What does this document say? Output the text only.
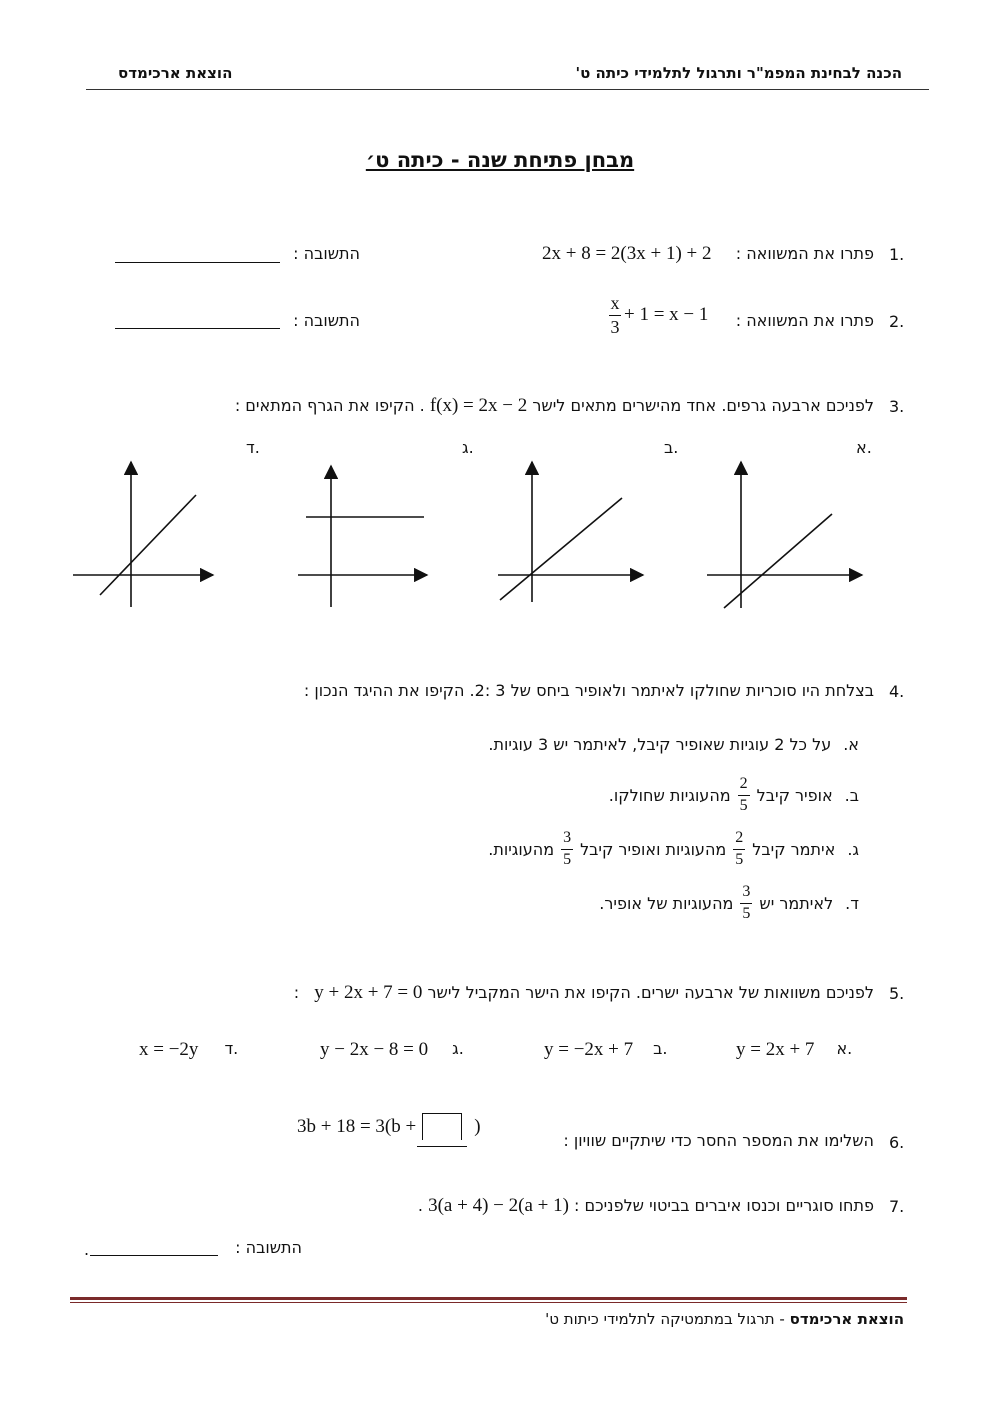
הכנה לבחינת המפמ"ר ותרגול לתלמידי כיתה ט'
הוצאת ארכימדס
מבחן פתיחת שנה - כיתה ט׳
1.
פתרו את המשוואה :
2x + 8 = 2(3x + 1) + 2
התשובה :
2.
פתרו את המשוואה :
$\frac{x}{3} + 1 = x - 1$
התשובה :
3.
לפניכם ארבעה גרפים. אחד מהישרים מתאים לישר f(x) = 2x − 2 . הקיפו את הגרף המתאים :
א.
ב.
ג.
ד.
4.
בצלחת היו סוכריות שחולקו לאיתמר ולאופיר ביחס של 3 :2. הקיפו את ההיגד הנכון :
א.
על כל 2 עוגיות שאופיר קיבל, לאיתמר יש 3 עוגיות.
ב.
אופיר קיבל
$\frac{2}{5}$
מהעוגיות שחולקו.
ג.
איתמר קיבל
$\frac{2}{5}$
מהעוגיות ואופיר קיבל
$\frac{3}{5}$
מהעוגיות.
ד.
לאיתמר יש
$\frac{3}{5}$
מהעוגיות של אופיר.
5.
לפניכם משוואות של ארבעה ישרים. הקיפו את הישר המקביל לישר y + 2x + 7 = 0 :
y = 2x + 7 א.
y = −2x + 7 ב.
y − 2x − 8 = 0 ג.
x = −2y ד.
6.
השלימו את המספר החסר כדי שיתקיים שוויון :
3b + 18 = 3(b +	)
7.
פתחו סוגריים וכנסו איברים בביטוי שלפניכם : 3(a + 4) − 2(a + 1) .
התשובה :
.
הוצאת ארכימדס - תרגול במתמטיקה לתלמידי כיתות ט'
